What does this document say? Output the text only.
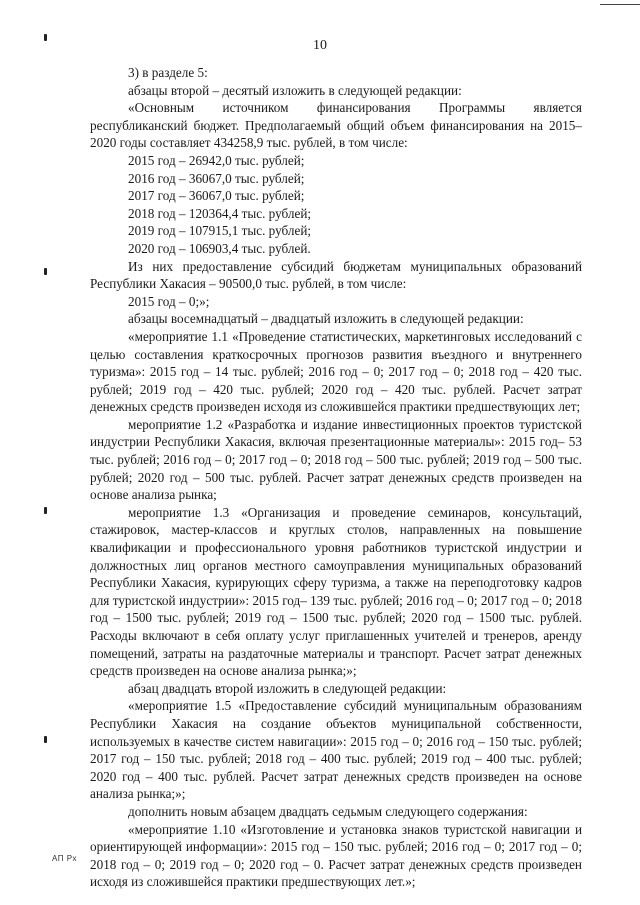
10

3) в разделе 5:

абзацы второй – десятый изложить в следующей редакции:

«Основным источником финансирования Программы является республиканский бюджет. Предполагаемый общий объем финансирования на 2015–2020 годы составляет 434258,9 тыс. рублей, в том числе:

2015 год – 26942,0 тыс. рублей;

2016 год – 36067,0 тыс. рублей;

2017 год – 36067,0 тыс. рублей;

2018 год – 120364,4 тыс. рублей;

2019 год – 107915,1 тыс. рублей;

2020 год – 106903,4 тыс. рублей.

Из них предоставление субсидий бюджетам муниципальных образований Республики Хакасия – 90500,0 тыс. рублей, в том числе:

2015 год – 0;»;

абзацы восемнадцатый – двадцатый изложить в следующей редакции:

«мероприятие 1.1 «Проведение статистических, маркетинговых исследований с целью составления краткосрочных прогнозов развития въездного и внутреннего туризма»: 2015 год – 14 тыс. рублей; 2016 год – 0; 2017 год – 0; 2018 год – 420 тыс. рублей; 2019 год – 420 тыс. рублей; 2020 год – 420 тыс. рублей. Расчет затрат денежных средств произведен исходя из сложившейся практики предшествующих лет;

мероприятие 1.2 «Разработка и издание инвестиционных проектов туристской индустрии Республики Хакасия, включая презентационные материалы»: 2015 год– 53 тыс. рублей; 2016 год – 0; 2017 год – 0; 2018 год – 500 тыс. рублей; 2019 год – 500 тыс. рублей; 2020 год – 500 тыс. рублей. Расчет затрат денежных средств произведен на основе анализа рынка;

мероприятие 1.3 «Организация и проведение семинаров, консультаций, стажировок, мастер-классов и круглых столов, направленных на повышение квалификации и профессионального уровня работников туристской индустрии и должностных лиц органов местного самоуправления муниципальных образований Республики Хакасия, курирующих сферу туризма, а также на переподготовку кадров для туристской индустрии»: 2015 год– 139 тыс. рублей; 2016 год – 0; 2017 год – 0; 2018 год – 1500 тыс. рублей; 2019 год – 1500 тыс. рублей; 2020 год – 1500 тыс. рублей. Расходы включают в себя оплату услуг приглашенных учителей и тренеров, аренду помещений, затраты на раздаточные материалы и транспорт. Расчет затрат денежных средств произведен на основе анализа рынка;»;

абзац двадцать второй изложить в следующей редакции:

«мероприятие 1.5 «Предоставление субсидий муниципальным образованиям Республики Хакасия на создание объектов муниципальной собственности, используемых в качестве систем навигации»: 2015 год – 0; 2016 год – 150 тыс. рублей; 2017 год – 150 тыс. рублей; 2018 год – 400 тыс. рублей; 2019 год – 400 тыс. рублей; 2020 год – 400 тыс. рублей. Расчет затрат денежных средств произведен на основе анализа рынка;»;

дополнить новым абзацем двадцать седьмым следующего содержания:

«мероприятие 1.10 «Изготовление и установка знаков туристской навигации и ориентирующей информации»: 2015 год – 150 тыс. рублей; 2016 год – 0; 2017 год – 0; 2018 год – 0; 2019 год – 0; 2020 год – 0. Расчет затрат денежных средств произведен исходя из сложившейся практики предшествующих лет.»;

АП Рх
